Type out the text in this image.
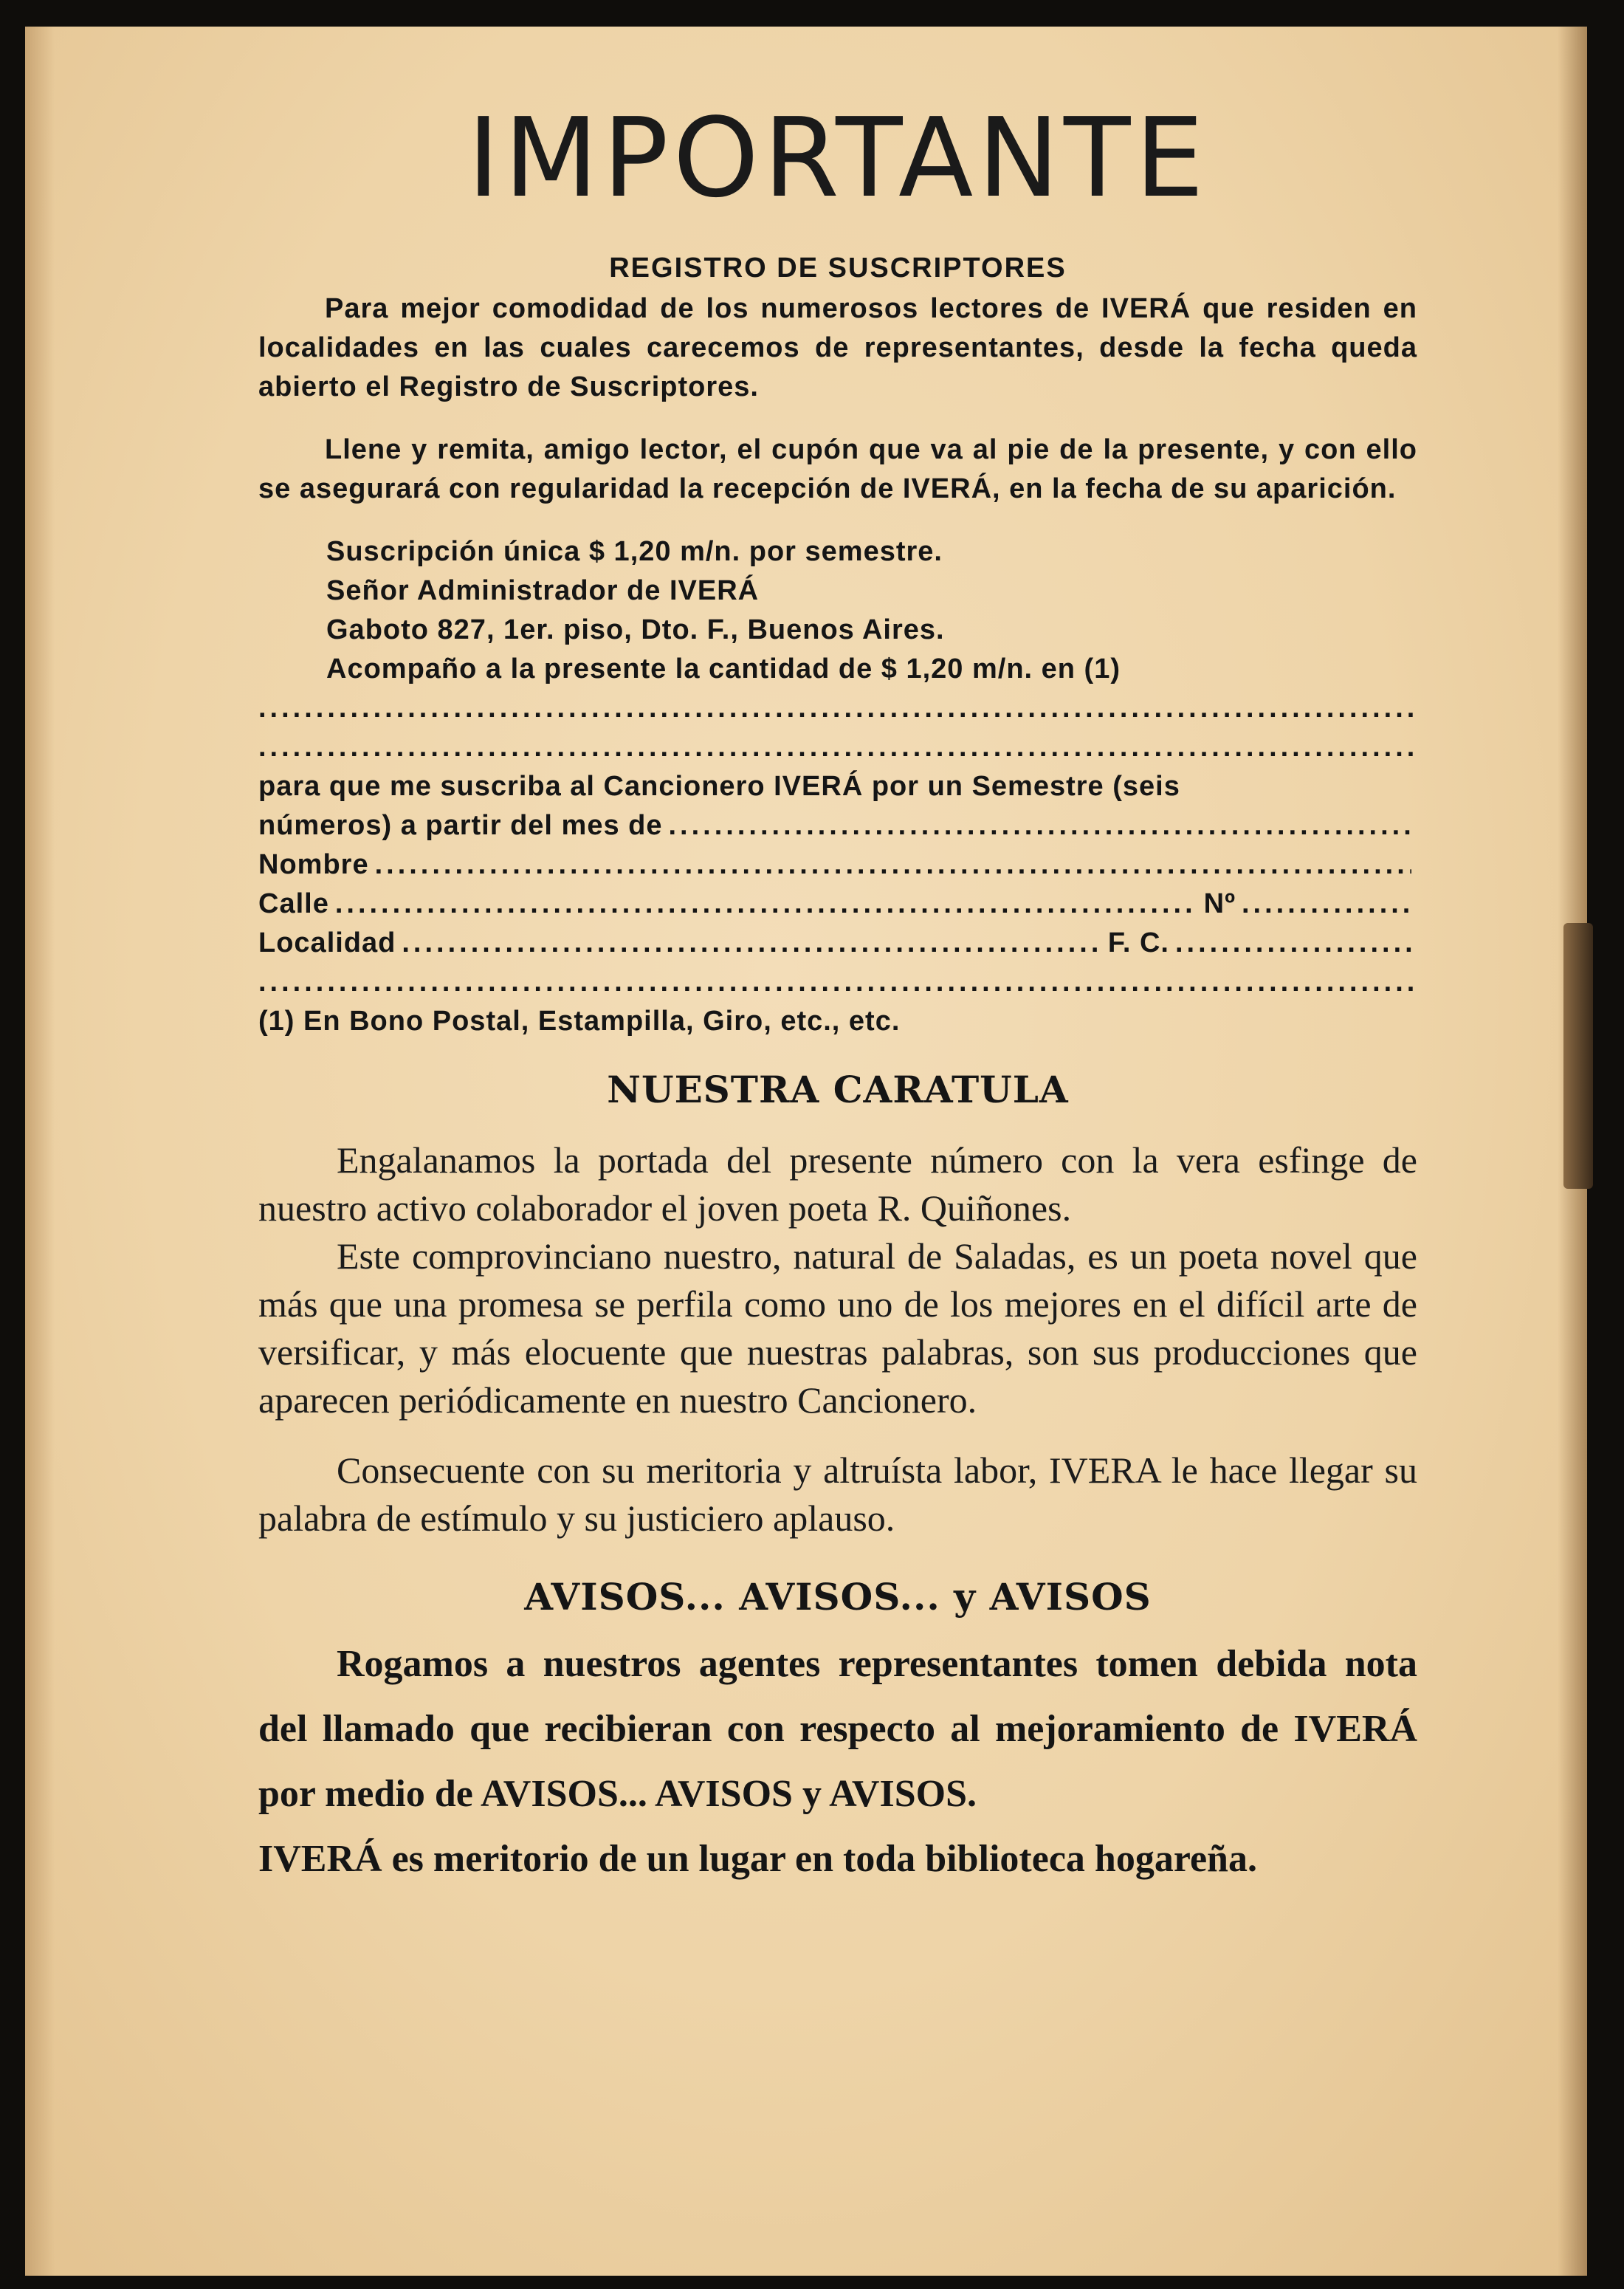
IMPORTANTE
REGISTRO DE SUSCRIPTORES

Para mejor comodidad de los numerosos lectores de IVERÁ que residen en localidades en las cuales carecemos de representantes, desde la fecha queda abierto el Registro de Suscriptores.

Llene y remita, amigo lector, el cupón que va al pie de la presente, y con ello se asegurará con regularidad la recepción de IVERÁ, en la fecha de su aparición.

Suscripción única $ 1,20 m/n. por semestre.
Señor Administrador de IVERÁ
Gaboto 827, 1er. piso, Dto. F., Buenos Aires.
Acompaño a la presente la cantidad de $ 1,20 m/n. en (1)
.....
.....
para que me suscriba al Cancionero IVERÁ por un Semestre (seis
números) a partir del mes de
.....
Nombre
.....
Calle .....	Nº
.....
Localidad .....	F. C.
.....
.....
(1) En Bono Postal, Estampilla, Giro, etc., etc.
NUESTRA CARATULA

Engalanamos la portada del presente número con la vera esfinge de nuestro activo colaborador el joven poeta R. Quiñones.

Este comprovinciano nuestro, natural de Saladas, es un poeta novel que más que una promesa se perfila como uno de los mejores en el difícil arte de versificar, y más elocuente que nuestras palabras, son sus producciones que aparecen periódicamente en nuestro Cancionero.

Consecuente con su meritoria y altruísta labor, IVERA le hace llegar su palabra de estímulo y su justiciero aplauso.

AVISOS... AVISOS... y AVISOS

Rogamos a nuestros agentes representantes tomen debida nota del llamado que recibieran con respecto al mejoramiento de IVERÁ por medio de AVISOS... AVISOS y AVISOS.

IVERÁ es meritorio de un lugar en toda biblioteca hogareña.
